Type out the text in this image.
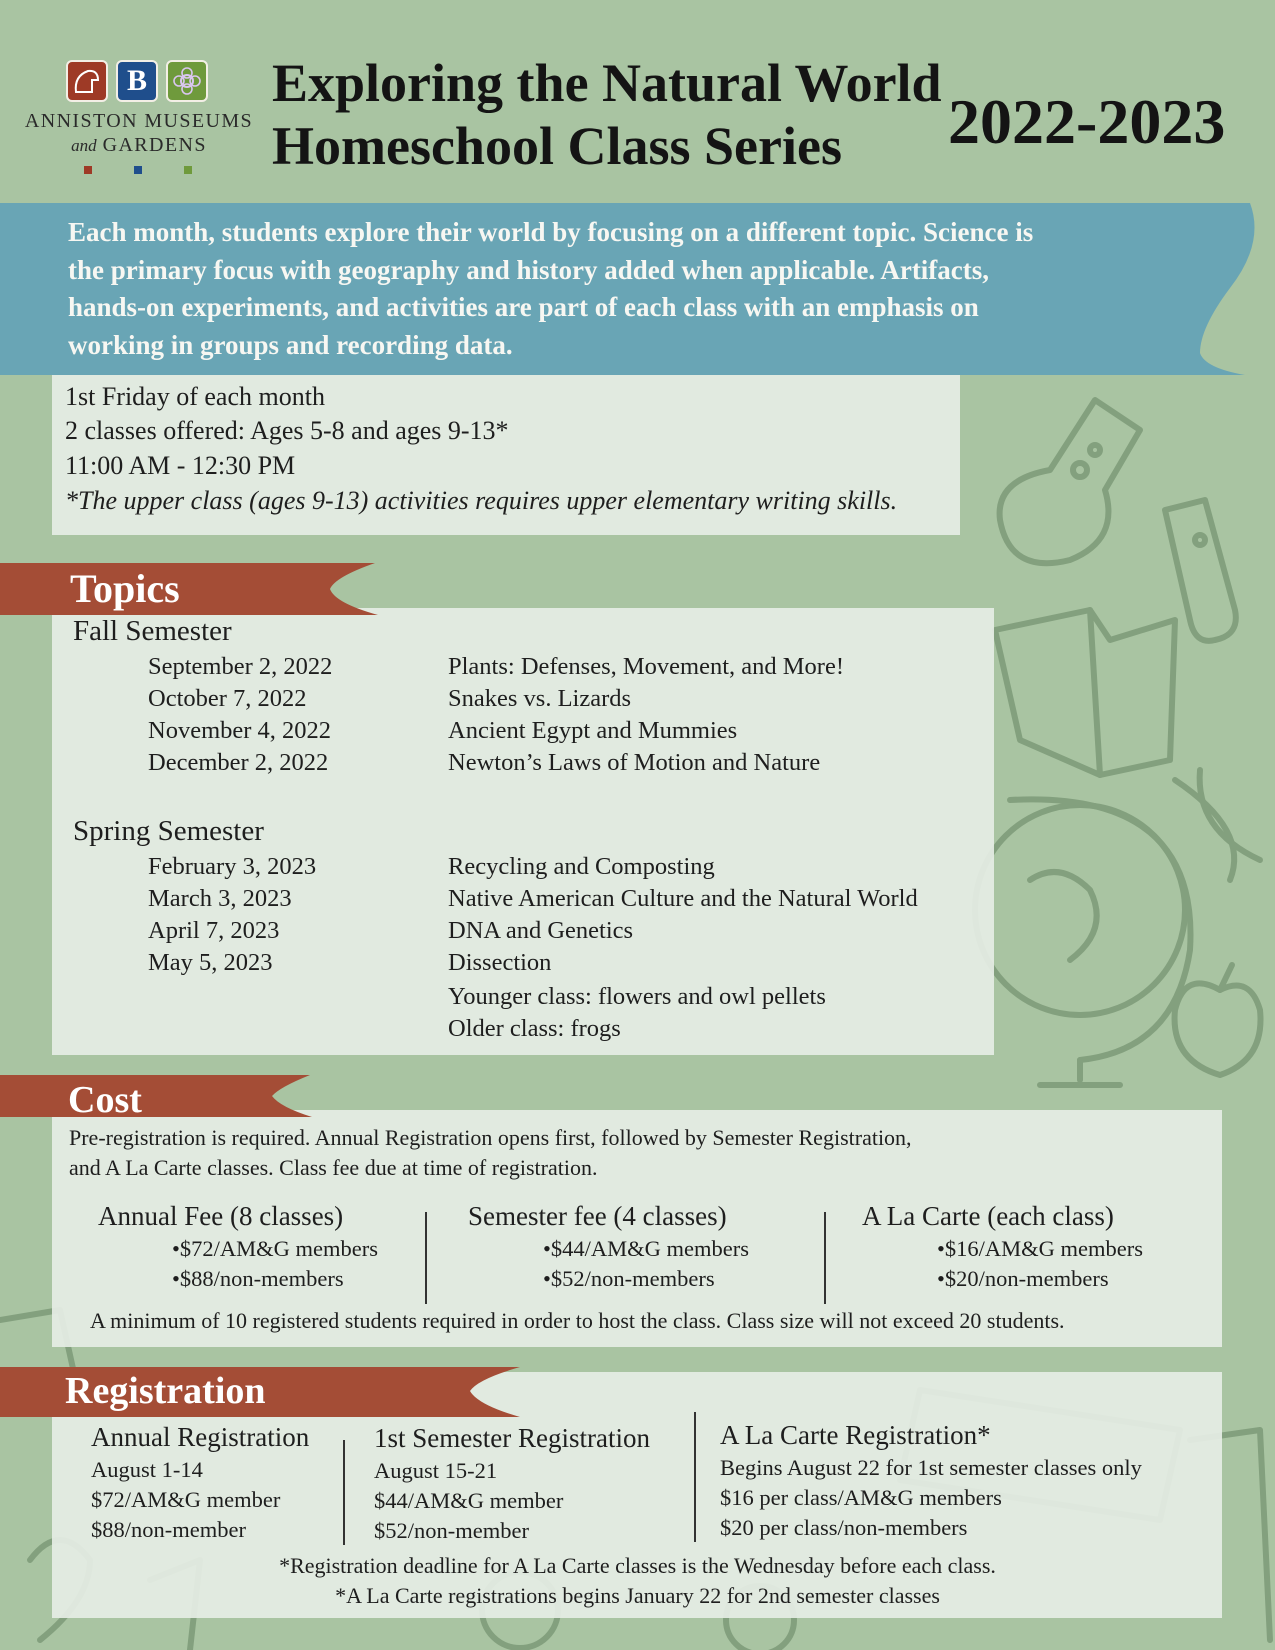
B
ANNISTON MUSEUMS
and GARDENS
Exploring the Natural World
Homeschool Class Series 2022-2023
Each month, students explore their world by focusing on a different topic. Science is
the primary focus with geography and history added when applicable. Artifacts,
hands-on experiments, and activities are part of each class with an emphasis on
working in groups and recording data.
1st Friday of each month
2 classes offered: Ages 5-8 and ages 9-13*
11:00 AM - 12:30 PM
*The upper class (ages 9-13) activities requires upper elementary writing skills.
Topics
Fall Semester
September 2, 2022	Plants: Defenses, Movement, and More!
October 7, 2022	Snakes vs. Lizards
November 4, 2022	Ancient Egypt and Mummies
December 2, 2022	Newton’s Laws of Motion and Nature
Spring Semester
February 3, 2023	Recycling and Composting
March 3, 2023	Native American Culture and the Natural World
April 7, 2023	DNA and Genetics
May 5, 2023	Dissection
Younger class: flowers and owl pellets
Older class: frogs
Cost
Pre-registration is required. Annual Registration opens first, followed by Semester Registration,
and A La Carte classes. Class fee due at time of registration.
Annual Fee (8 classes)
•$72/AM&G members
•$88/non-members
Semester fee (4 classes)
•$44/AM&G members
•$52/non-members
A La Carte (each class)
•$16/AM&G members
•$20/non-members
A minimum of 10 registered students required in order to host the class. Class size will not exceed 20 students.
Registration
Annual Registration
August 1-14
$72/AM&G member
$88/non-member
1st Semester Registration
August 15-21
$44/AM&G member
$52/non-member
A La Carte Registration*
Begins August 22 for 1st semester classes only
$16 per class/AM&G members
$20 per class/non-members
*Registration deadline for A La Carte classes is the Wednesday before each class.
*A La Carte registrations begins January 22 for 2nd semester classes
